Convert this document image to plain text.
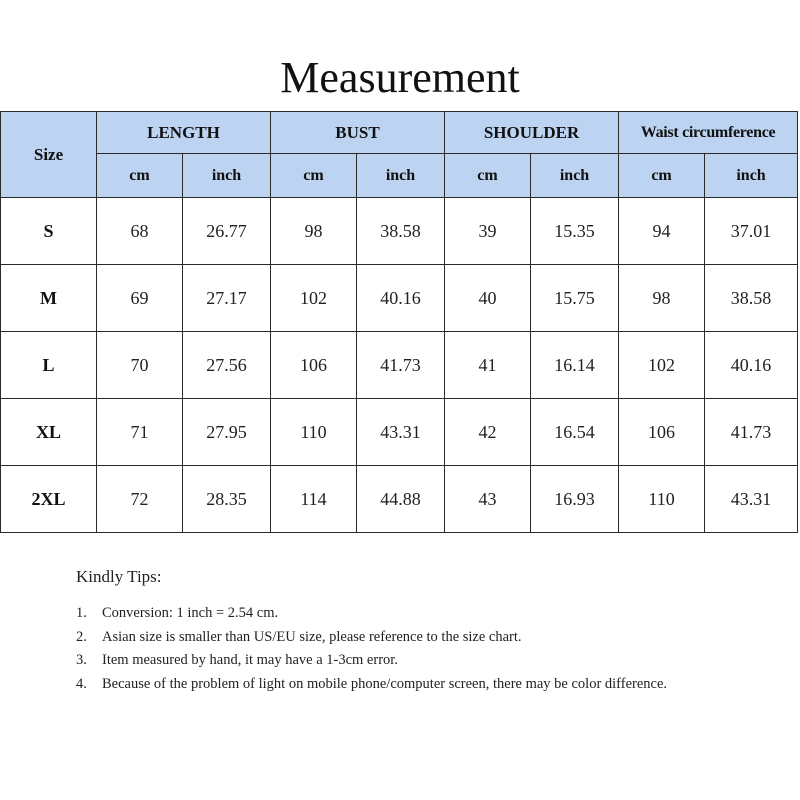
Measurement
Size	LENGTH		BUST		SHOULDER		Waist circumference	
	cm	inch	cm	inch	cm	inch	cm	inch
S	68	26.77	98	38.58	39	15.35	94	37.01
M	69	27.17	102	40.16	40	15.75	98	38.58
L	70	27.56	106	41.73	41	16.14	102	40.16
XL	71	27.95	110	43.31	42	16.54	106	41.73
2XL	72	28.35	114	44.88	43	16.93	110	43.31
Kindly Tips:
1. Conversion: 1 inch = 2.54 cm.
2. Asian size is smaller than US/EU size, please reference to the size chart.
3. Item measured by hand, it may have a 1-3cm error.
4. Because of the problem of light on mobile phone/computer screen, there may be color difference.
